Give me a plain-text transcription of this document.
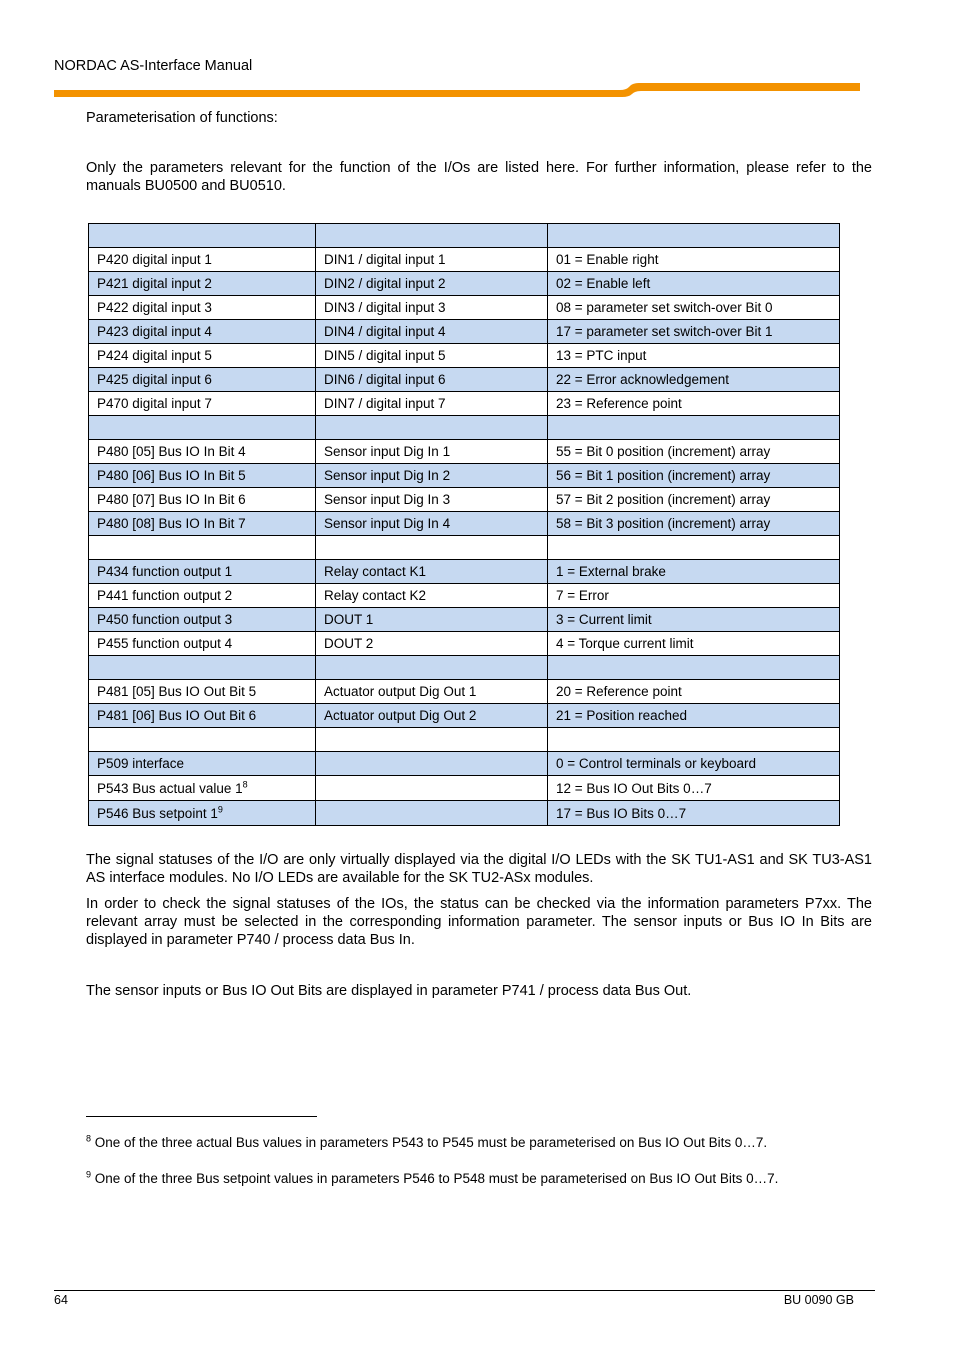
NORDAC AS-Interface Manual
Parameterisation of functions:
Only the parameters relevant for the function of the I/Os are listed here. For further information, please refer to the manuals BU0500 and BU0510.

P420 digital input 1	DIN1 / digital input 1	01 = Enable right
P421 digital input 2	DIN2 / digital input 2	02 = Enable left
P422 digital input 3	DIN3 / digital input 3	08 = parameter set switch-over Bit 0
P423 digital input 4	DIN4 / digital input 4	17 = parameter set switch-over Bit 1
P424 digital input 5	DIN5 / digital input 5	13 = PTC input
P425 digital input 6	DIN6 / digital input 6	22 = Error acknowledgement
P470 digital input 7	DIN7 / digital input 7	23 = Reference point

P480 [05] Bus IO In Bit 4	Sensor input Dig In 1	55 = Bit 0 position (increment) array
P480 [06] Bus IO In Bit 5	Sensor input Dig In 2	56 = Bit 1 position (increment) array
P480 [07] Bus IO In Bit 6	Sensor input Dig In 3	57 = Bit 2 position (increment) array
P480 [08] Bus IO In Bit 7	Sensor input Dig In 4	58 = Bit 3 position (increment) array

P434 function output 1	Relay contact K1	1 = External brake
P441 function output 2	Relay contact K2	7 = Error
P450 function output 3	DOUT 1	3 = Current limit
P455 function output 4	DOUT 2	4 = Torque current limit

P481 [05] Bus IO Out Bit 5	Actuator output Dig Out 1	20 = Reference point
P481 [06] Bus IO Out Bit 6	Actuator output Dig Out 2	21 = Position reached

P509 interface		0 = Control terminals or keyboard
P543 Bus actual value $1^8$		12 = Bus IO Out Bits 0…7
P546 Bus setpoint $1^9$		17 = Bus IO Bits 0…7
The signal statuses of the I/O are only virtually displayed via the digital I/O LEDs with the SK TU1-AS1 and SK TU3-AS1 AS interface modules. No I/O LEDs are available for the SK TU2-ASx modules.
In order to check the signal statuses of the IOs, the status can be checked via the information parameters P7xx. The relevant array must be selected in the corresponding information parameter. The sensor inputs or Bus IO In Bits are displayed in parameter P740 / process data Bus In.
The sensor inputs or Bus IO Out Bits are displayed in parameter P741 / process data Bus Out.
$^8$ One of the three actual Bus values in parameters P543 to P545 must be parameterised on Bus IO Out Bits 0…7.
$^9$ One of the three Bus setpoint values in parameters P546 to P548 must be parameterised on Bus IO Out Bits 0…7.
64	BU 0090 GB
